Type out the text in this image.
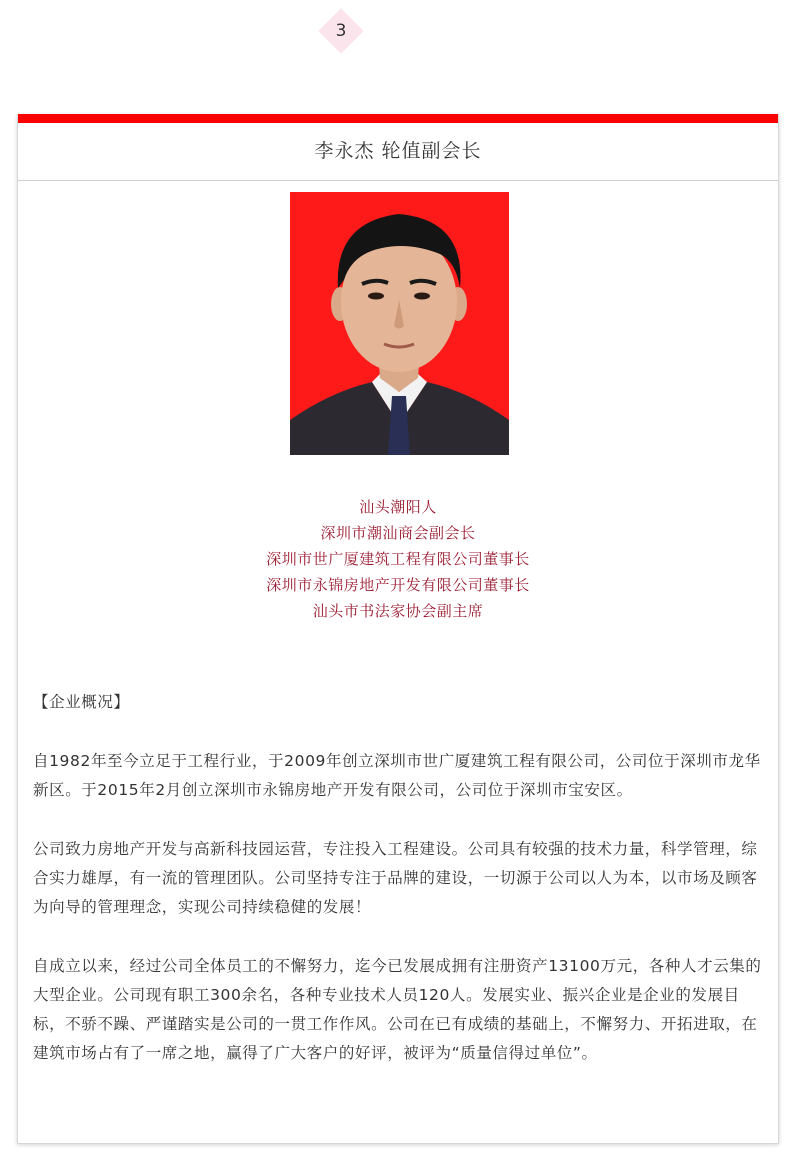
3
李永杰 轮值副会长
汕头潮阳人
深圳市潮汕商会副会长
深圳市世广厦建筑工程有限公司董事长
深圳市永锦房地产开发有限公司董事长
汕头市书法家协会副主席

【企业概况】

自1982年至今立足于工程行业，于2009年创立深圳市世广厦建筑工程有限公司，公司位于深圳市龙华新区。于2015年2月创立深圳市永锦房地产开发有限公司，公司位于深圳市宝安区。

公司致力房地产开发与高新科技园运营，专注投入工程建设。公司具有较强的技术力量，科学管理，综合实力雄厚，有一流的管理团队。公司坚持专注于品牌的建设，一切源于公司以人为本，以市场及顾客为向导的管理理念，实现公司持续稳健的发展！

自成立以来，经过公司全体员工的不懈努力，迄今已发展成拥有注册资产13100万元，各种人才云集的大型企业。公司现有职工300余名，各种专业技术人员120人。发展实业、振兴企业是企业的发展目标，不骄不躁、严谨踏实是公司的一贯工作作风。公司在已有成绩的基础上，不懈努力、开拓进取，在建筑市场占有了一席之地，赢得了广大客户的好评，被评为“质量信得过单位”。
